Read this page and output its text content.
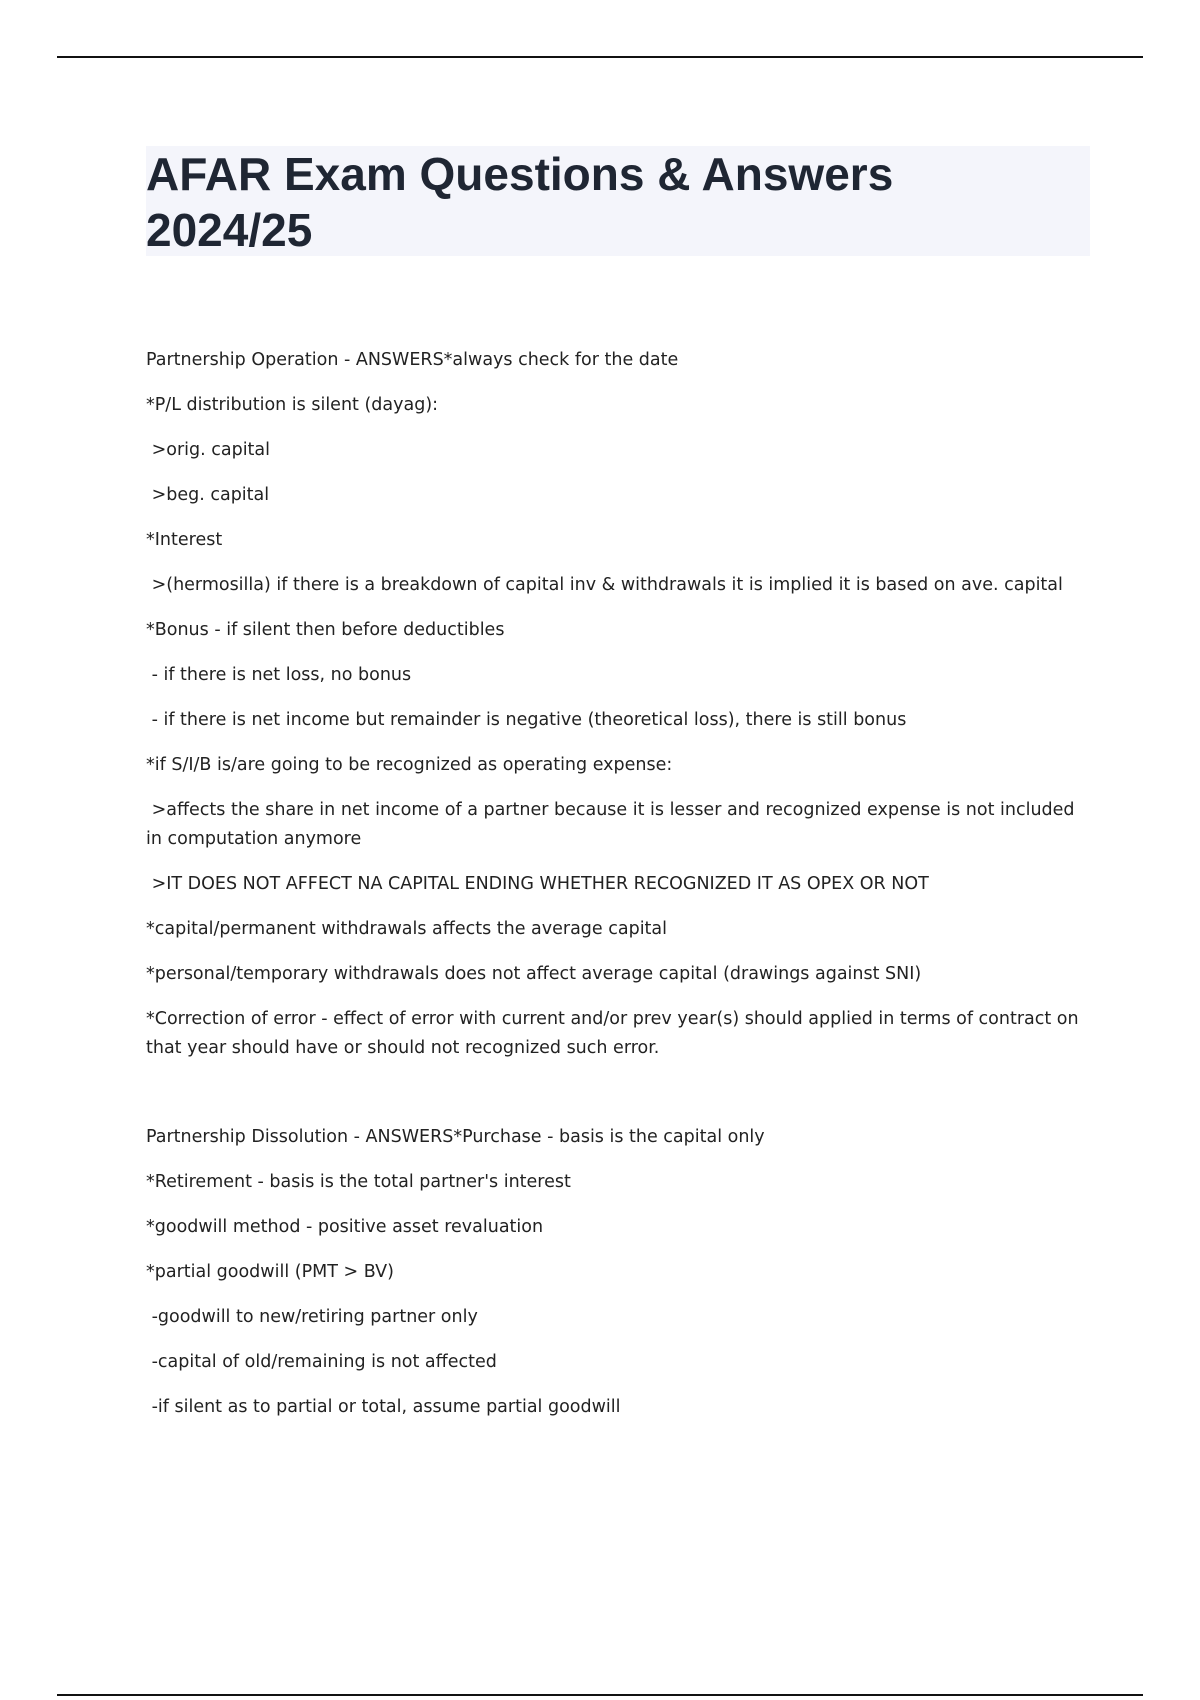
AFAR Exam Questions & Answers
2024/25

Partnership Operation - ANSWERS*always check for the date

*P/L distribution is silent (dayag):

>orig. capital

>beg. capital

*Interest

>(hermosilla) if there is a breakdown of capital inv & withdrawals it is implied it is based on ave. capital

*Bonus - if silent then before deductibles

- if there is net loss, no bonus

- if there is net income but remainder is negative (theoretical loss), there is still bonus

*if S/I/B is/are going to be recognized as operating expense:

>affects the share in net income of a partner because it is lesser and recognized expense is not included in computation anymore

>IT DOES NOT AFFECT NA CAPITAL ENDING WHETHER RECOGNIZED IT AS OPEX OR NOT

*capital/permanent withdrawals affects the average capital

*personal/temporary withdrawals does not affect average capital (drawings against SNI)

*Correction of error - effect of error with current and/or prev year(s) should applied in terms of contract on that year should have or should not recognized such error.

Partnership Dissolution - ANSWERS*Purchase - basis is the capital only

*Retirement - basis is the total partner's interest

*goodwill method - positive asset revaluation

*partial goodwill (PMT > BV)

-goodwill to new/retiring partner only

-capital of old/remaining is not affected

-if silent as to partial or total, assume partial goodwill
